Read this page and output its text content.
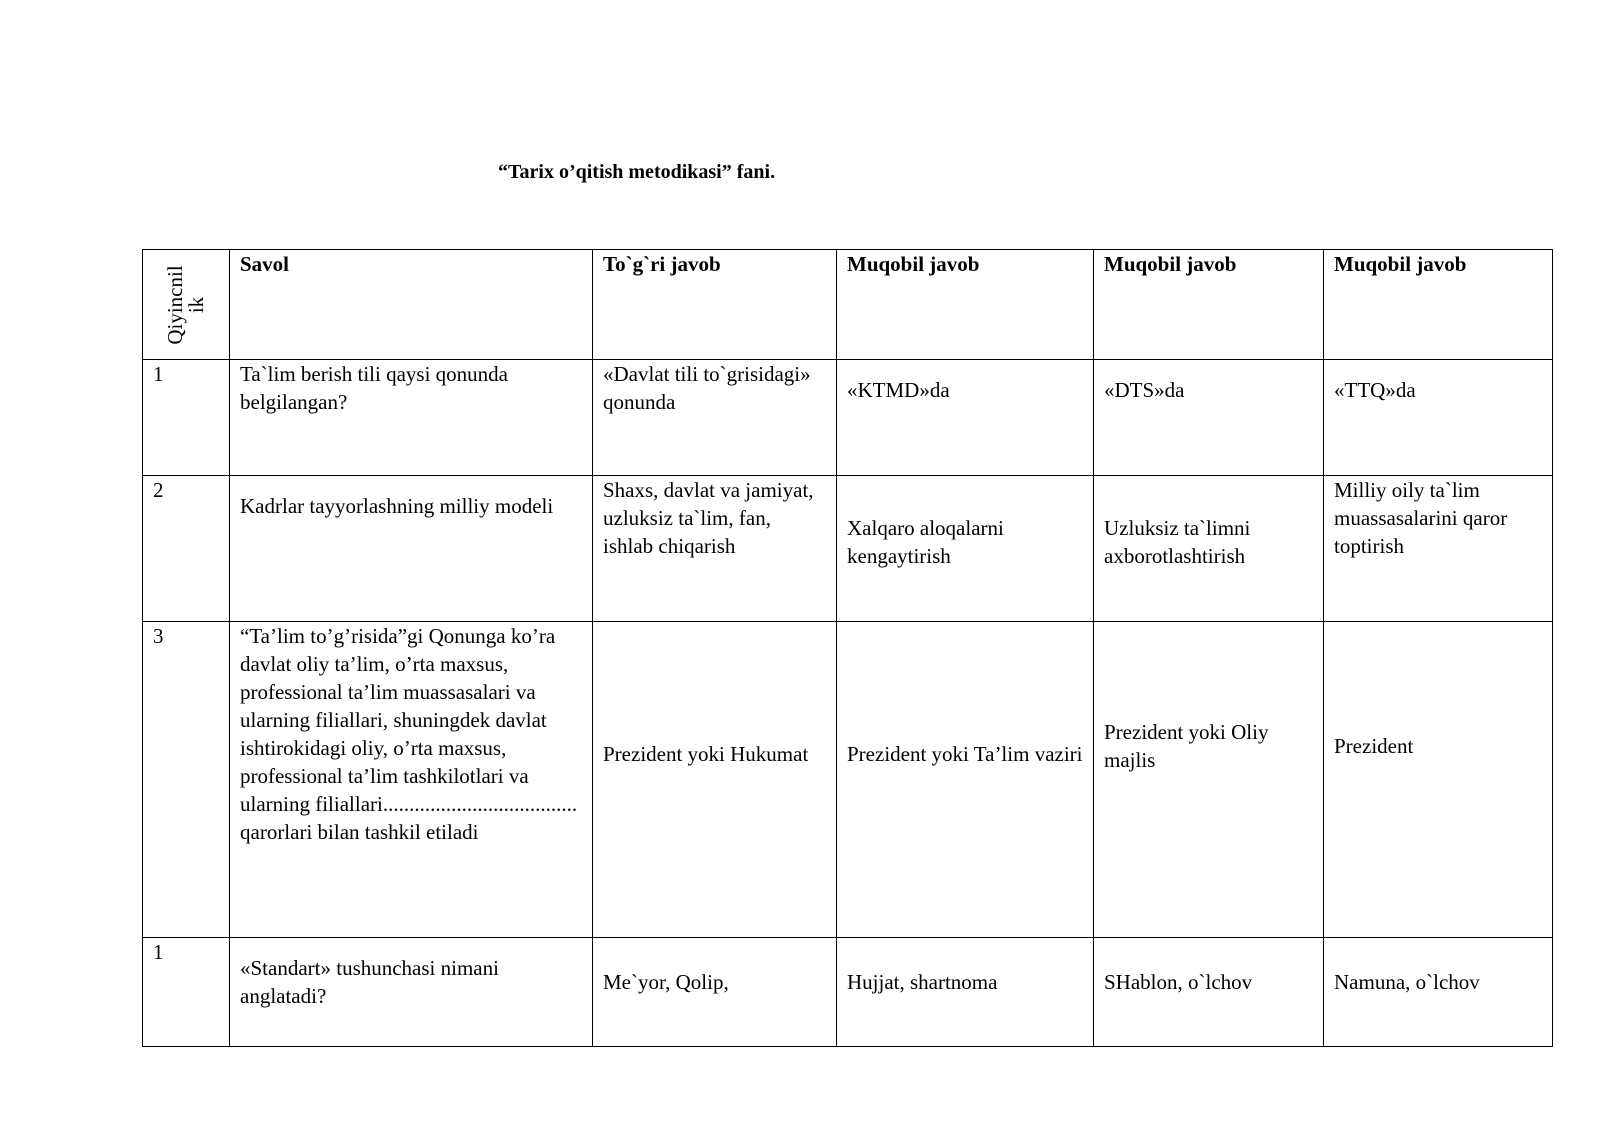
“Tarix o’qitish metodikasi” fani.
Qiyincnil
ik	Savol	To`g`ri javob	Muqobil javob	Muqobil javob	Muqobil javob
1	Ta`lim berish tili qaysi qonunda belgilangan?	«Davlat tili to`grisidagi» qonunda	«KTMD»da	«DTS»da	«TTQ»da
2	Kadrlar tayyorlashning milliy modeli	Shaxs, davlat va jamiyat, uzluksiz ta`lim, fan, ishlab chiqarish	Xalqaro aloqalarni kengaytirish	Uzluksiz ta`limni axborotlashtirish	Milliy oily ta`lim muassasalarini qaror toptirish
3	“Ta’lim to’g’risida”gi Qonunga ko’ra davlat oliy ta’lim, o’rta maxsus, professional ta’lim muassasalari va ularning filiallari, shuningdek davlat ishtirokidagi oliy, o’rta maxsus, professional ta’lim tashkilotlari va ularning filiallari..................................... qarorlari bilan tashkil etiladi	Prezident yoki Hukumat	Prezident yoki Ta’lim vaziri	Prezident yoki Oliy majlis	Prezident
1	«Standart» tushunchasi nimani anglatadi?	Me`yor, Qolip,	Hujjat, shartnoma	SHablon, o`lchov	Namuna, o`lchov
